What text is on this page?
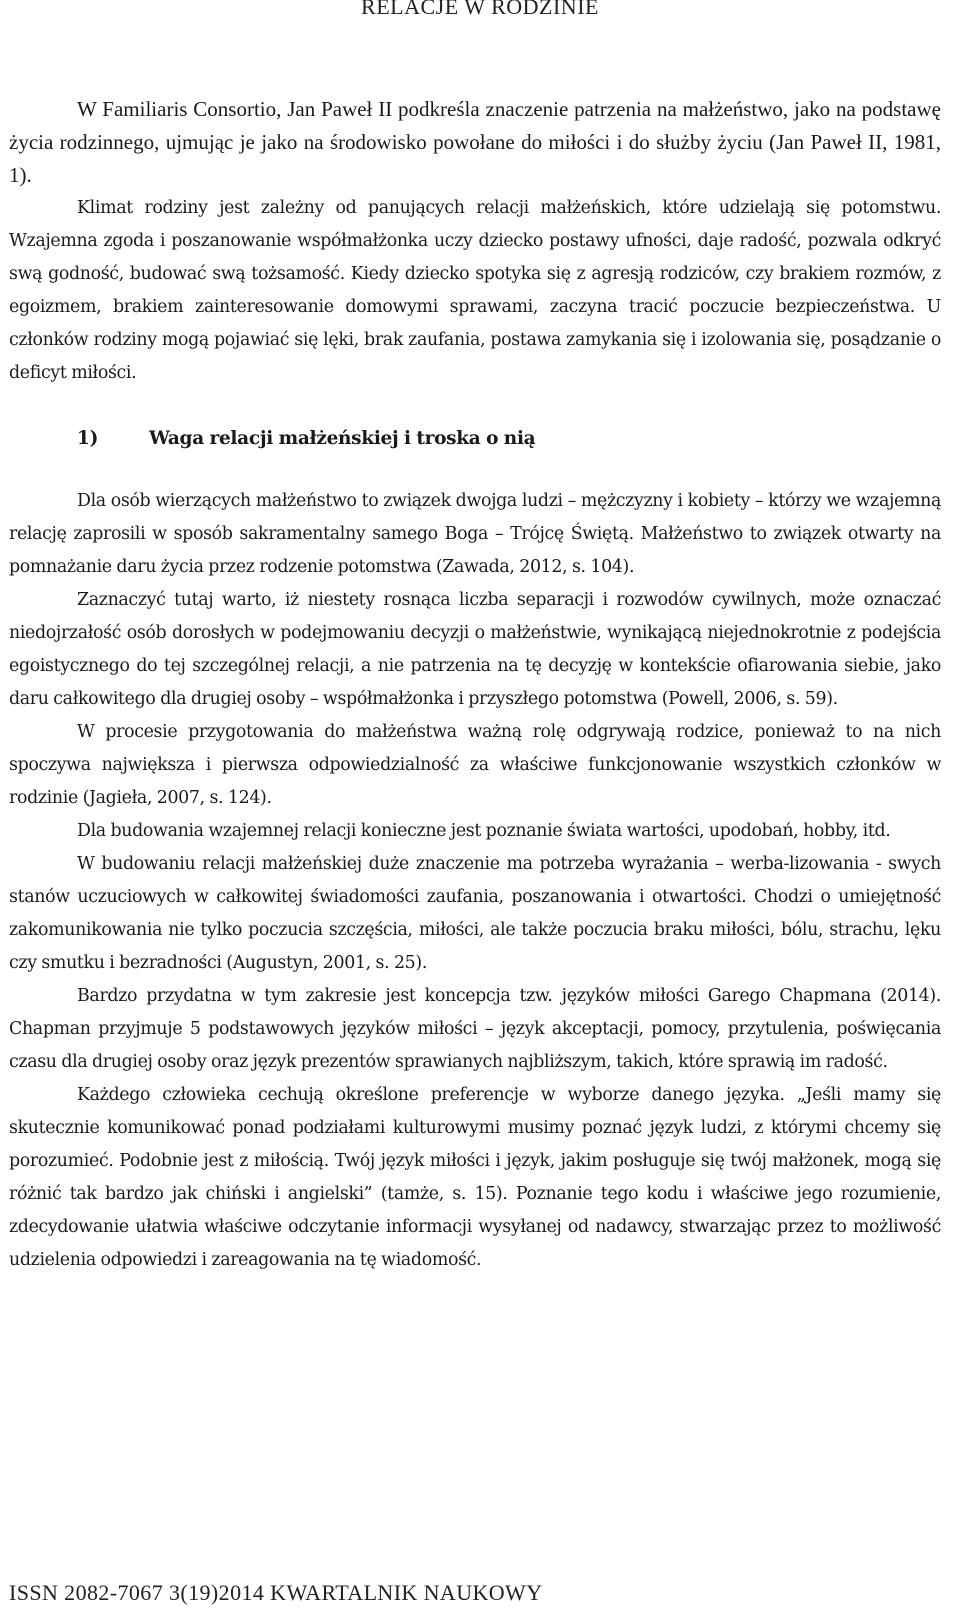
RELACJE W RODZINIE

W Familiaris Consortio, Jan Paweł II podkreśla znaczenie patrzenia na małżeństwo, jako na podstawę życia rodzinnego, ujmując je jako na środowisko powołane do miłości i do służby życiu (Jan Paweł II, 1981, 1).

Klimat rodziny jest zależny od panujących relacji małżeńskich, które udzielają się potomstwu. Wzajemna zgoda i poszanowanie współmałżonka uczy dziecko postawy ufności, daje radość, pozwala odkryć swą godność, budować swą tożsamość. Kiedy dziecko spotyka się z agresją rodziców, czy brakiem rozmów, z egoizmem, brakiem zainteresowanie domowymi sprawami, zaczyna tracić poczucie bezpieczeństwa. U członków rodziny mogą pojawiać się lęki, brak zaufania, postawa zamykania się i izolowania się, posądzanie o deficyt miłości.

1)	Waga relacji małżeńskiej i troska o nią

Dla osób wierzących małżeństwo to związek dwojga ludzi – mężczyzny i kobiety – którzy we wzajemną relację zaprosili w sposób sakramentalny samego Boga – Trójcę Świętą. Małżeństwo to związek otwarty na pomnażanie daru życia przez rodzenie potomstwa (Zawada, 2012, s. 104).

Zaznaczyć tutaj warto, iż niestety rosnąca liczba separacji i rozwodów cywilnych, może oznaczać niedojrzałość osób dorosłych w podejmowaniu decyzji o małżeństwie, wynikającą niejednokrotnie z podejścia egoistycznego do tej szczególnej relacji, a nie patrzenia na tę decyzję w kontekście ofiarowania siebie, jako daru całkowitego dla drugiej osoby – współmałżonka i przyszłego potomstwa (Powell, 2006, s. 59).

W procesie przygotowania do małżeństwa ważną rolę odgrywają rodzice, ponieważ to na nich spoczywa największa i pierwsza odpowiedzialność za właściwe funkcjonowanie wszystkich członków w rodzinie (Jagieła, 2007, s. 124).

Dla budowania wzajemnej relacji konieczne jest poznanie świata wartości, upodobań, hobby, itd.

W budowaniu relacji małżeńskiej duże znaczenie ma potrzeba wyrażania – werba-lizowania - swych stanów uczuciowych w całkowitej świadomości zaufania, poszanowania i otwartości. Chodzi o umiejętność zakomunikowania nie tylko poczucia szczęścia, miłości, ale także poczucia braku miłości, bólu, strachu, lęku czy smutku i bezradności (Augustyn, 2001, s. 25).

Bardzo przydatna w tym zakresie jest koncepcja tzw. języków miłości Garego Chapmana (2014). Chapman przyjmuje 5 podstawowych języków miłości – język akceptacji, pomocy, przytulenia, poświęcania czasu dla drugiej osoby oraz język prezentów sprawianych najbliższym, takich, które sprawią im radość.

Każdego człowieka cechują określone preferencje w wyborze danego języka. „Jeśli mamy się skutecznie komunikować ponad podziałami kulturowymi musimy poznać język ludzi, z którymi chcemy się porozumieć. Podobnie jest z miłością. Twój język miłości i język, jakim posługuje się twój małżonek, mogą się różnić tak bardzo jak chiński i angielski” (tamże, s. 15). Poznanie tego kodu i właściwe jego rozumienie, zdecydowanie ułatwia właściwe odczytanie informacji wysyłanej od nadawcy, stwarzając przez to możliwość udzielenia odpowiedzi i zareagowania na tę wiadomość.

ISSN 2082-7067 3(19)2014 KWARTALNIK NAUKOWY
